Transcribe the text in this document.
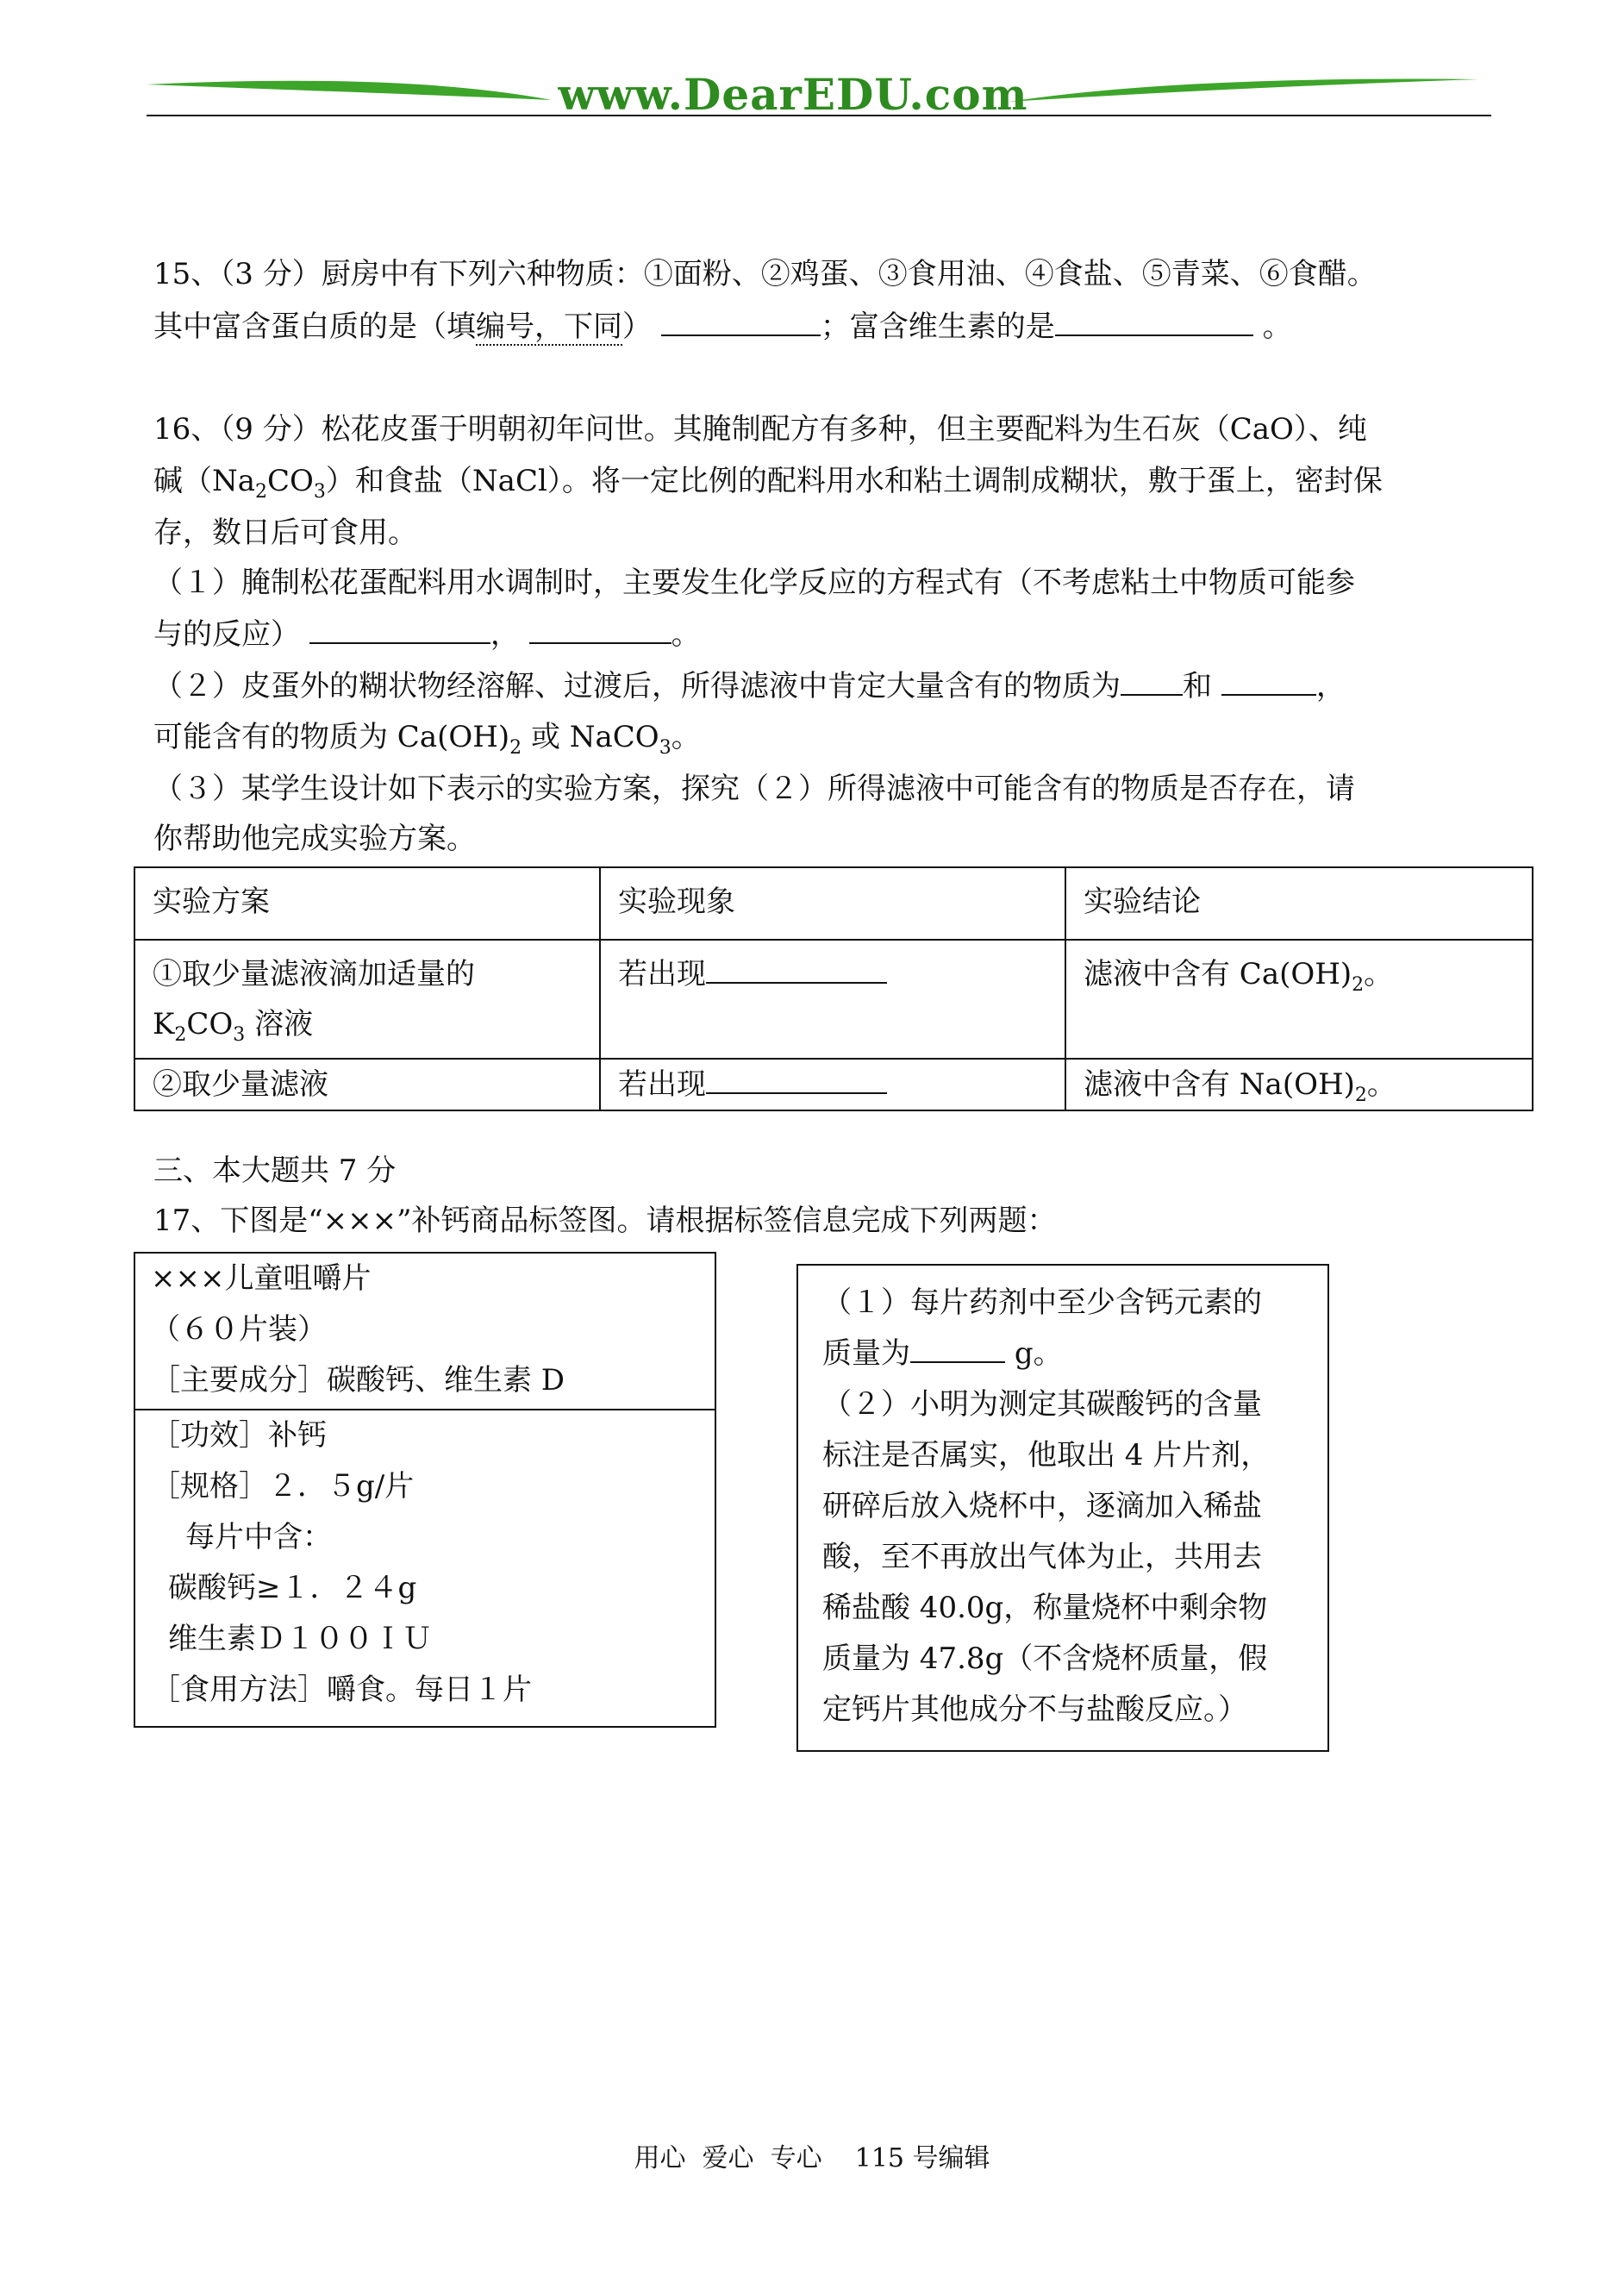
www.DearEDU.com
15、（3 分）厨房中有下列六种物质：①面粉、②鸡蛋、③食用油、④食盐、⑤青菜、⑥食醋。
其中富含蛋白质的是（填编号，下同）	；富含维生素的是	。
16、（9 分）松花皮蛋于明朝初年问世。其腌制配方有多种，但主要配料为生石灰（CaO）、纯
碱$(Na_2CO_3)$和食盐（NaCl）。将一定比例的配料用水和粘土调制成糊状，敷于蛋上，密封保
存，数日后可食用。
（１）腌制松花蛋配料用水调制时，主要发生化学反应的方程式有（不考虑粘土中物质可能参
与的反应）	，	。
（２）皮蛋外的糊状物经溶解、过渡后，所得滤液中肯定大量含有的物质为 和	，
可能含有的物质为 $Ca(OH)_2$ 或 NaCO$_3$。
（３）某学生设计如下表示的实验方案，探究（２）所得滤液中可能含有的物质是否存在，请
你帮助他完成实验方案。
实验方案	实验现象	实验结论

①取少量滤液滴加适量的
$K_2CO_3$ 溶液	若出现	滤液中含有 $Ca(OH)_2$。
②取少量滤液	若出现	滤液中含有 $Na(OH)_2$。
三、本大题共 7 分
17、下图是“×××”补钙商品标签图。请根据标签信息完成下列两题：
×××儿童咀嚼片
（６０片装）
［主要成分］碳酸钙、维生素 D
［功效］补钙
［规格］２．５g/片
每片中含：
碳酸钙≥１．２４g
维生素Ｄ１００ＩＵ
［食用方法］嚼食。每日１片
（１）每片药剂中至少含钙元素的
质量为	g。
（２）小明为测定其碳酸钙的含量
标注是否属实，他取出 4 片片剂，
研碎后放入烧杯中，逐滴加入稀盐
酸，至不再放出气体为止，共用去
稀盐酸 40.0g，称量烧杯中剩余物
质量为 47.8g（不含烧杯质量，假
定钙片其他成分不与盐酸反应。）
用心  爱心  专心    115 号编辑
